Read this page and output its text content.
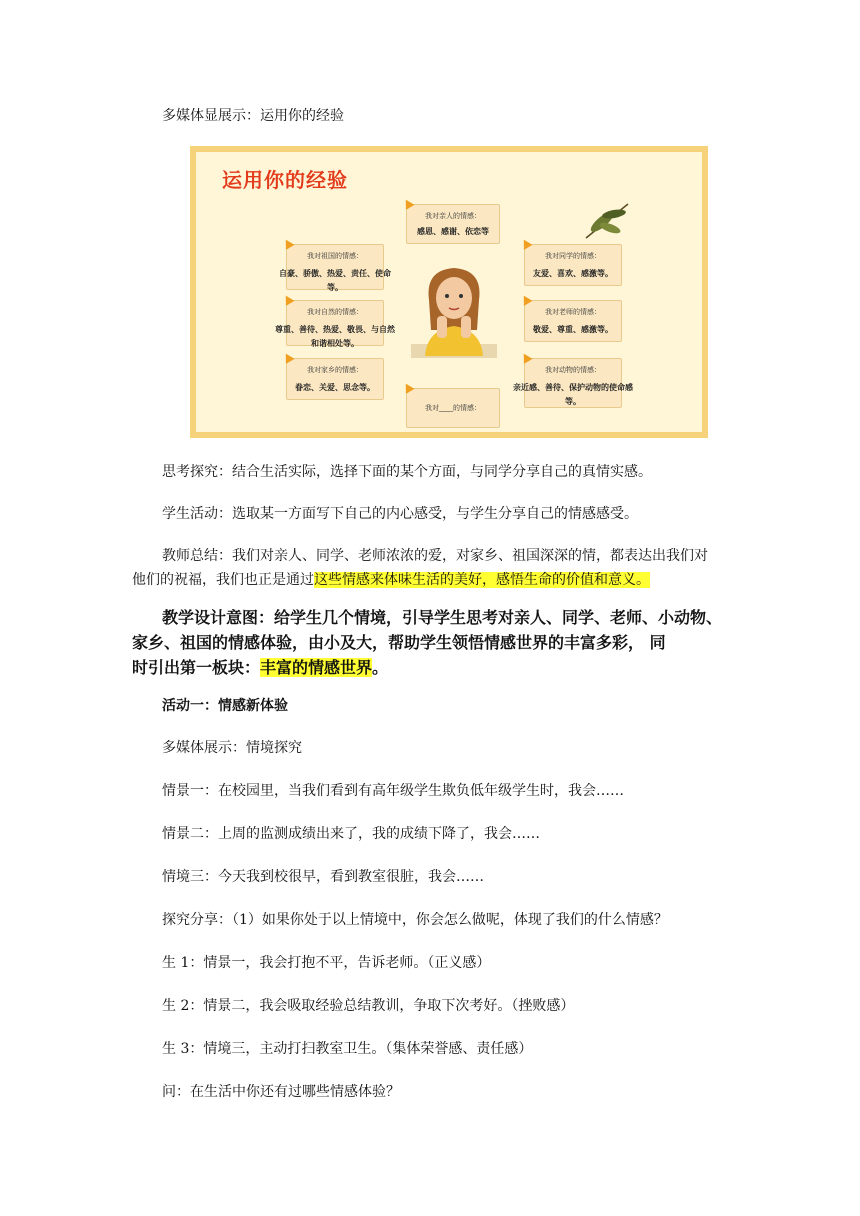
多媒体显展示：运用你的经验
运用你的经验
我对亲人的情感：
感恩、感谢、依恋等
我对祖国的情感：
自豪、骄傲、热爱、责任、使命等。
我对自然的情感：
尊重、善待、热爱、敬畏、与自然和谐相处等。
我对家乡的情感：
眷恋、关爱、思念等。
我对____的情感：
我对同学的情感：
友爱、喜欢、感激等。
我对老师的情感：
敬爱、尊重、感激等。
我对动物的情感：
亲近感、善待、保护动物的使命感等。
思考探究：结合生活实际，选择下面的某个方面，与同学分享自己的真情实感。
学生活动：选取某一方面写下自己的内心感受，与学生分享自己的情感感受。
教师总结：我们对亲人、同学、老师浓浓的爱，对家乡、祖国深深的情，都表达出我们对
他们的祝福，我们也正是通过这些情感来体味生活的美好，感悟生命的价值和意义。
教学设计意图：给学生几个情境，引导学生思考对亲人、同学、老师、小动物、
家乡、祖国的情感体验，由小及大，帮助学生领悟情感世界的丰富多彩， 同
时引出第一板块：丰富的情感世界。
活动一：情感新体验
多媒体展示：情境探究
情景一：在校园里，当我们看到有高年级学生欺负低年级学生时，我会……
情景二：上周的监测成绩出来了，我的成绩下降了，我会……
情境三：今天我到校很早，看到教室很脏，我会……
探究分享：（1）如果你处于以上情境中，你会怎么做呢，体现了我们的什么情感？
生 1：情景一，我会打抱不平，告诉老师。（正义感）
生 2：情景二，我会吸取经验总结教训，争取下次考好。（挫败感）
生 3：情境三，主动打扫教室卫生。（集体荣誉感、责任感）
问：在生活中你还有过哪些情感体验？
